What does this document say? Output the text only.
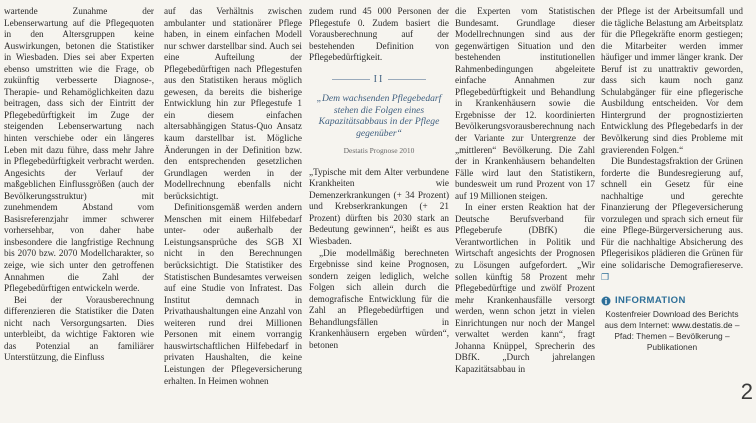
wartende Zunahme der Lebenserwartung auf die Pflegequoten in den Altersgruppen keine Auswirkungen, betonen die Statistiker in Wiesbaden. Dies sei aber Experten ebenso umstritten wie die Frage, ob zukünftig verbesserte Diagnose-, Therapie- und Rehamöglichkeiten dazu beitragen, dass sich der Eintritt der Pflegebedürftigkeit im Zuge der steigenden Lebenserwartung nach hinten verschiebe oder ein längeres Leben mit dazu führe, dass mehr Jahre in Pflegebedürftigkeit verbracht werden. Angesichts der Verlauf der maßgeblichen Einflussgrößen (auch der Bevölkerungsstruktur) mit zunehmendem Abstand vom Basisreferenzjahr immer schwerer vorhersehbar, von daher habe insbesondere die langfristige Rechnung bis 2070 bzw. 2070 Modellcharakter, so zeige, wie sich unter den getroffenen Annahmen die Zahl der Pflegebedürftigen entwickeln werde.

Bei der Vorausberechnung differenzieren die Statistiker die Daten nicht nach Versorgungsarten. Dies unterbleibt, da wichtige Faktoren wie das Potenzial an familiärer Unterstützung, die Einfluss

auf das Verhältnis zwischen ambulanter und stationärer Pflege haben, in einem einfachen Modell nur schwer darstellbar sind. Auch sei eine Aufteilung der Pflegebedürftigen nach Pflegestufen aus den Statistiken heraus möglich gewesen, da bereits die bisherige Entwicklung hin zur Pflegestufe 1 ein diesem einfachen altersabhängigen Status-Quo Ansatz kaum darstellbar ist. Mögliche Änderungen in der Definition bzw. den entsprechenden gesetzlichen Grundlagen werden in der Modellrechnung ebenfalls nicht berücksichtigt.

Definitionsgemäß werden andern Menschen mit einem Hilfebedarf unter- oder außerhalb der Leistungsansprüche des SGB XI nicht in den Berechnungen berücksichtigt. Die Statistiker des Statistischen Bundesamtes verweisen auf eine Studie von Infratest. Das Institut demnach in Privathaushaltungen eine Anzahl von weiteren rund drei Millionen Personen mit einem vorrangig hauswirtschaftlichen Hilfebedarf in privaten Haushalten, die keine Leistungen der Pflegeversicherung erhalten. In Heimen wohnen

zudem rund 45 000 Personen der Pflegestufe 0. Zudem basiert die Vorausberechnung auf der bestehenden Definition von Pflegebedürftigkeit.

II
„Dem wachsenden Pflegebedarf stehen die Folgen eines Kapazitätsabbaus in der Pflege gegenüber“
Destatis Prognose 2010

„Typische mit dem Alter verbundene Krankheiten wie Demenzerkrankungen (+ 34 Prozent) und Krebserkrankungen (+ 21 Prozent) dürften bis 2030 stark an Bedeutung gewinnen“, heißt es aus Wiesbaden.

„Die modellmäßig berechneten Ergebnisse sind keine Prognosen, sondern zeigen lediglich, welche Folgen sich allein durch die demografische Entwicklung für die Zahl an Pflegebedürftigen und Behandlungsfällen in Krankenhäusern ergeben würden“, betonen

die Experten vom Statistischen Bundesamt. Grundlage dieser Modellrechnungen sind aus der gegenwärtigen Situation und den bestehenden institutionellen Rahmenbedingungen abgeleitete einfache Annahmen zur Pflegebedürftigkeit und Behandlung in Krankenhäusern sowie die Ergebnisse der 12. koordinierten Bevölkerungsvorausberechnung nach der Variante zur Untergrenze der „mittleren“ Bevölkerung. Die Zahl der in Krankenhäusern behandelten Fälle wird laut den Statistikern, bundesweit um rund Prozent von 17 auf 19 Millionen steigen.

In einer ersten Reaktion hat der Deutsche Berufsverband für Pflegeberufe (DBfK) die Verantwortlichen in Politik und Wirtschaft angesichts der Prognosen zu Lösungen aufgefordert. „Wir sollen künftig 58 Prozent mehr Pflegebedürftige und zwölf Prozent mehr Krankenhausfälle versorgt werden, wenn schon jetzt in vielen Einrichtungen nur noch der Mangel verwaltet werden kann“, fragt Johanna Knüppel, Sprecherin des DBfK. „Durch jahrelangen Kapazitätsabbau in

der Pflege ist der Arbeitsumfall und die tägliche Belastung am Arbeitsplatz für die Pflegekräfte enorm gestiegen; die Mitarbeiter werden immer häufiger und immer länger krank. Der Beruf ist zu unattraktiv geworden, dass sich kaum noch ganz Schulabgänger für eine pflegerische Ausbildung entscheiden. Vor dem Hintergrund der prognostizierten Entwicklung des Pflegebedarfs in der Bevölkerung sind dies Probleme mit gravierenden Folgen.“

Die Bundestagsfraktion der Grünen forderte die Bundesregierung auf, schnell ein Gesetz für eine nachhaltige und gerechte Finanzierung der Pflegeversicherung vorzulegen und sprach sich erneut für eine Pflege-Bürgerversicherung aus. Für die nachhaltige Absicherung des Pflegerisikos plädieren die Grünen für eine solidarische Demografiereserve. ❐

INFORMATION
Kostenfreier Download des Berichts aus dem Internet: www.destatis.de – Pfad: Themen – Bevölkerung – Publikationen
2
